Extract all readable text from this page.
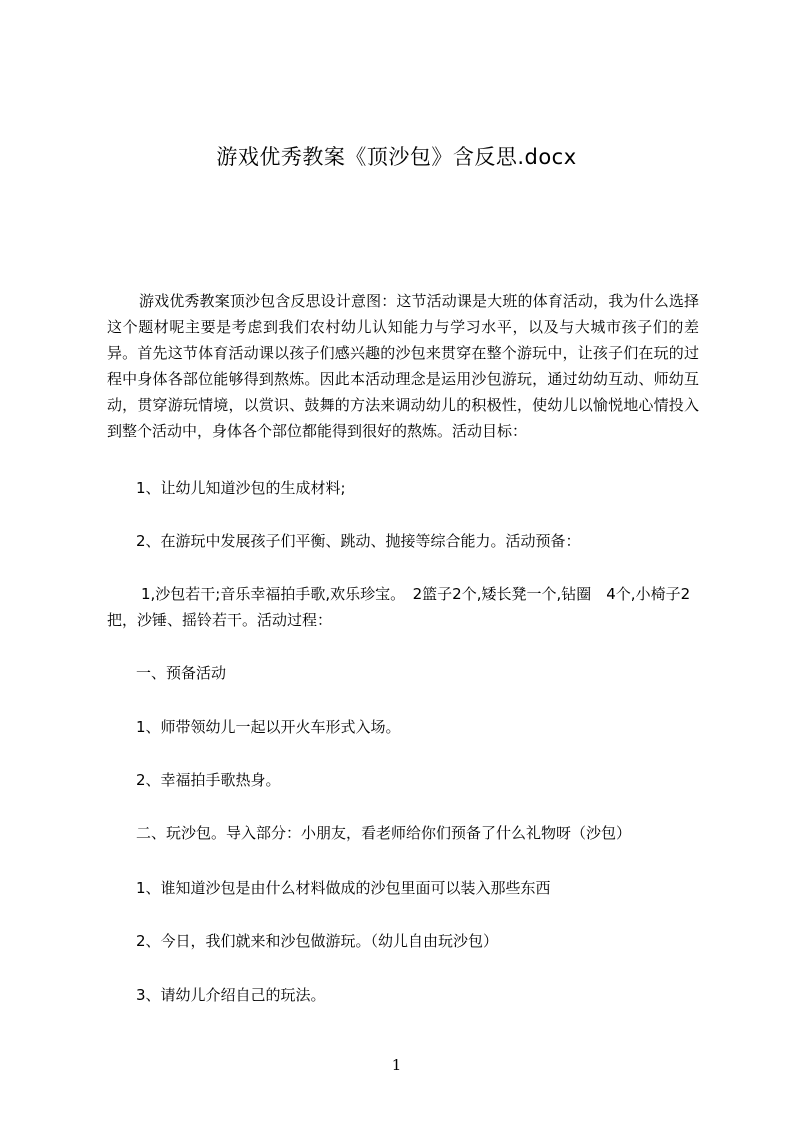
游戏优秀教案《顶沙包》含反思.docx
游戏优秀教案顶沙包含反思设计意图：这节活动课是大班的体育活动，我为什么选择这个题材呢主要是考虑到我们农村幼儿认知能力与学习水平，以及与大城市孩子们的差异。首先这节体育活动课以孩子们感兴趣的沙包来贯穿在整个游玩中，让孩子们在玩的过程中身体各部位能够得到熬炼。因此本活动理念是运用沙包游玩，通过幼幼互动、师幼互动，贯穿游玩情境，以赏识、鼓舞的方法来调动幼儿的积极性，使幼儿以愉悦地心情投入到整个活动中，身体各个部位都能得到很好的熬炼。活动目标：
1、让幼儿知道沙包的生成材料;
2、在游玩中发展孩子们平衡、跳动、抛接等综合能力。活动预备：
1,沙包若干;音乐幸福拍手歌,欢乐珍宝。　2篮子2个,矮长凳一个,钻圈　4个,小椅子2把，沙锤、摇铃若干。活动过程：
一、预备活动
1、师带领幼儿一起以开火车形式入场。
2、幸福拍手歌热身。
二、玩沙包。导入部分：小朋友，看老师给你们预备了什么礼物呀（沙包）
1、谁知道沙包是由什么材料做成的沙包里面可以装入那些东西
2、今日，我们就来和沙包做游玩。（幼儿自由玩沙包）
3、请幼儿介绍自己的玩法。
1
